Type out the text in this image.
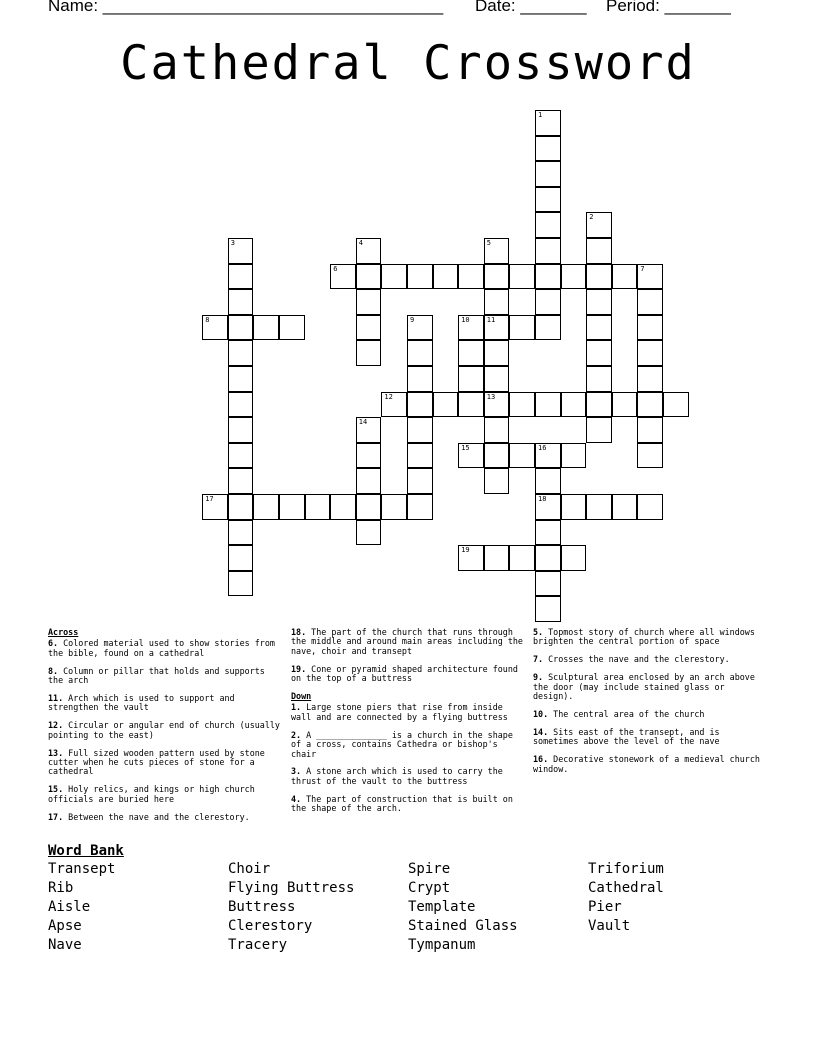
Name: ____________________________________ Date: _______ Period: _______
Cathedral Crossword
1
2
3	4	5
11
13
6	7
8	9	10
12
14
15	16
18
17
19
Across
6. Colored material used to show stories from the bible, found on a cathedral
8. Column or pillar that holds and supports the arch
11. Arch which is used to support and strengthen the vault
12. Circular or angular end of church (usually pointing to the east)
13. Full sized wooden pattern used by stone cutter when he cuts pieces of stone for a cathedral
15. Holy relics, and kings or high church officials are buried here
17. Between the nave and the clerestory.
18. The part of the church that runs through the middle and around main areas including the nave, choir and transept
19. Cone or pyramid shaped architecture found on the top of a buttress
Down
1. Large stone piers that rise from inside wall and are connected by a flying buttress
2. A ______________ is a church in the shape of a cross, contains Cathedra or bishop's chair
3. A stone arch which is used to carry the thrust of the vault to the buttress
4. The part of construction that is built on the shape of the arch.
5. Topmost story of church where all windows brighten the central portion of space
7. Crosses the nave and the clerestory.
9. Sculptural area enclosed by an arch above the door (may include stained glass or design).
10. The central area of the church
14. Sits east of the transept, and is sometimes above the level of the nave
16. Decorative stonework of a medieval church window.
Word Bank
Transept
Rib
Aisle
Apse
Nave
Choir
Flying Buttress
Buttress
Clerestory
Tracery
Spire
Crypt
Template
Stained Glass
Tympanum
Triforium
Cathedral
Pier
Vault
